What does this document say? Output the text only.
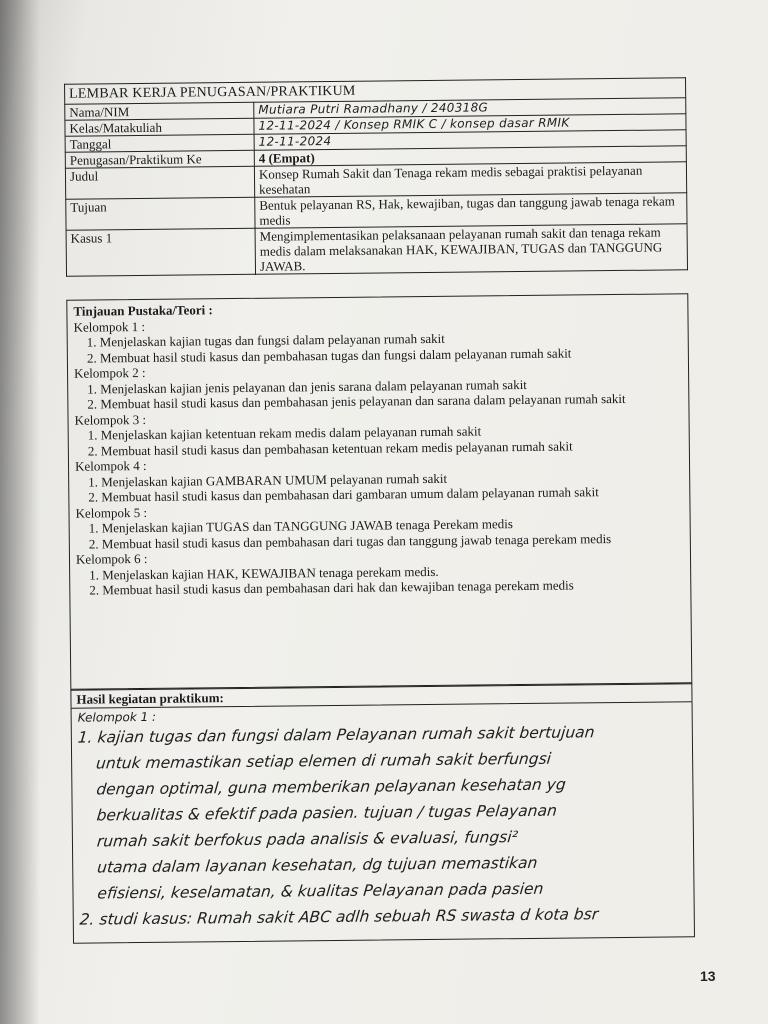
LEMBAR KERJA PENUGASAN/PRAKTIKUM
Nama/NIM	Mutiara Putri Ramadhany / 240318G
Kelas/Matakuliah	12-11-2024 / Konsep RMIK C / konsep dasar RMIK
Tanggal	12-11-2024
Penugasan/Praktikum Ke	4 (Empat)
Judul	Konsep Rumah Sakit dan Tenaga rekam medis sebagai praktisi pelayanan kesehatan
Tujuan	Bentuk pelayanan RS, Hak, kewajiban, tugas dan tanggung jawab tenaga rekam medis
Kasus 1	Mengimplementasikan pelaksanaan pelayanan rumah sakit dan tenaga rekam medis dalam melaksanakan HAK, KEWAJIBAN, TUGAS dan TANGGUNG JAWAB.
Tinjauan Pustaka/Teori :
Kelompok 1 :
1. Menjelaskan kajian tugas dan fungsi dalam pelayanan rumah sakit
2. Membuat hasil studi kasus dan pembahasan tugas dan fungsi dalam pelayanan rumah sakit
Kelompok 2 :
1. Menjelaskan kajian jenis pelayanan dan jenis sarana dalam pelayanan rumah sakit
2. Membuat hasil studi kasus dan pembahasan jenis pelayanan dan sarana dalam pelayanan rumah sakit
Kelompok 3 :
1. Menjelaskan kajian ketentuan rekam medis dalam pelayanan rumah sakit
2. Membuat hasil studi kasus dan pembahasan ketentuan rekam medis pelayanan rumah sakit
Kelompok 4 :
1. Menjelaskan kajian GAMBARAN UMUM pelayanan rumah sakit
2. Membuat hasil studi kasus dan pembahasan dari gambaran umum dalam pelayanan rumah sakit
Kelompok 5 :
1. Menjelaskan kajian TUGAS dan TANGGUNG JAWAB tenaga Perekam medis
2. Membuat hasil studi kasus dan pembahasan dari tugas dan tanggung jawab tenaga perekam medis
Kelompok 6 :
1. Menjelaskan kajian HAK, KEWAJIBAN tenaga perekam medis.
2. Membuat hasil studi kasus dan pembahasan dari hak dan kewajiban tenaga perekam medis
Hasil kegiatan praktikum:
Kelompok 1 :
1. kajian tugas dan fungsi dalam Pelayanan rumah sakit bertujuan
untuk memastikan setiap elemen di rumah sakit berfungsi
dengan optimal, guna memberikan pelayanan kesehatan yg
berkualitas & efektif pada pasien. tujuan / tugas Pelayanan
rumah sakit berfokus pada analisis & evaluasi, fungsi²
utama dalam layanan kesehatan, dg tujuan memastikan
efisiensi, keselamatan, & kualitas Pelayanan pada pasien
2. studi kasus: Rumah sakit ABC adlh sebuah RS swasta d kota bsr
13
